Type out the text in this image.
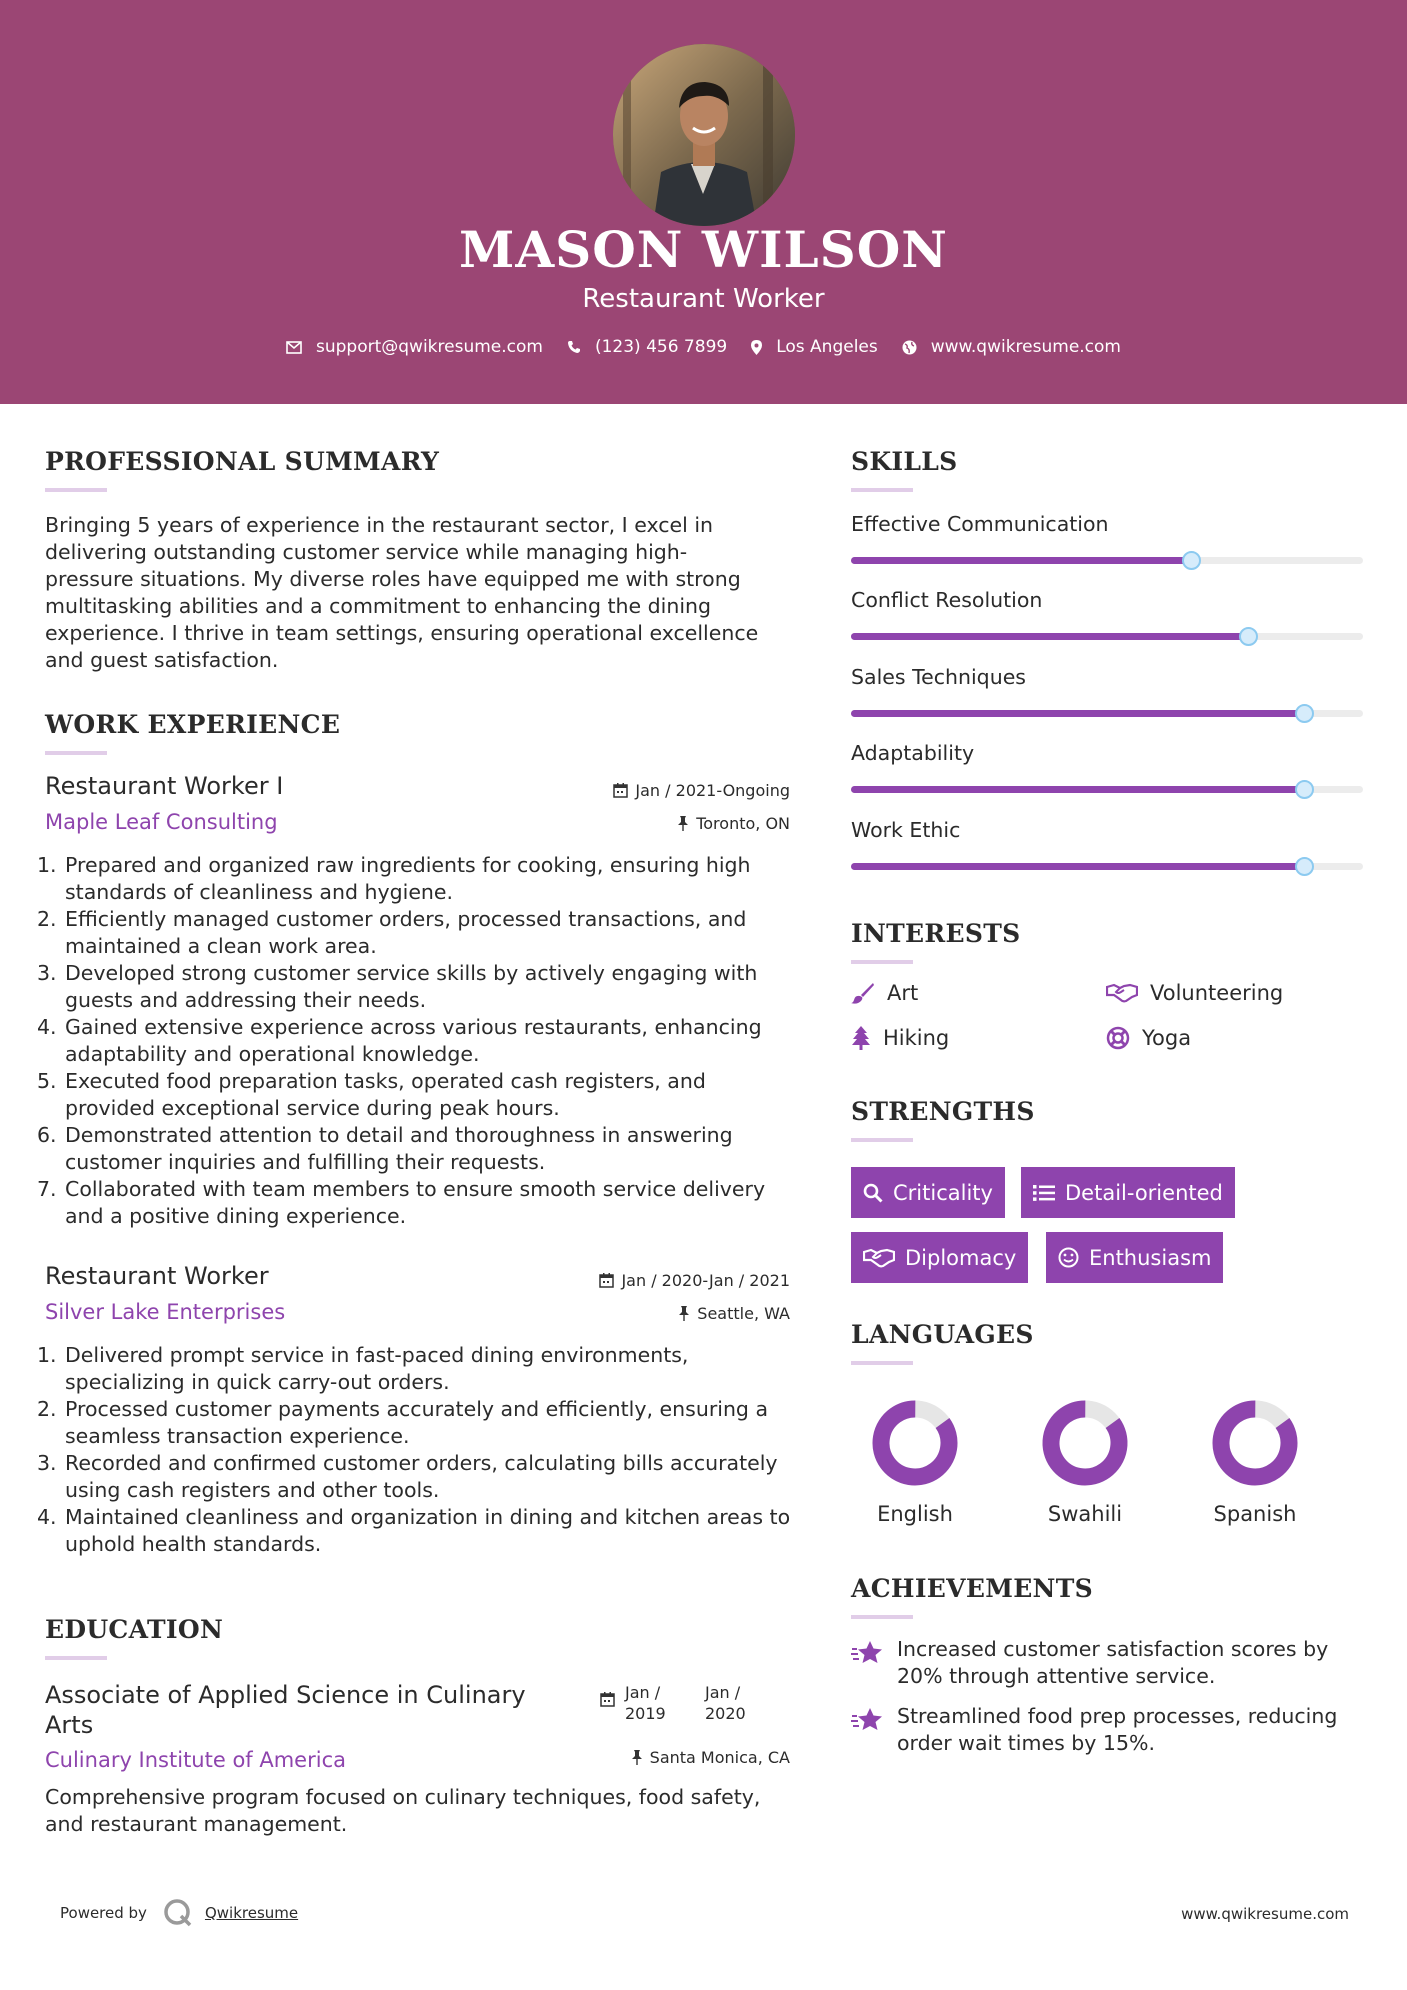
MASON WILSON
Restaurant Worker
support@qwikresume.com	(123) 456 7899	Los Angeles	www.qwikresume.com
PROFESSIONAL SUMMARY
Bringing 5 years of experience in the restaurant sector, I excel in delivering outstanding customer service while managing high-pressure situations. My diverse roles have equipped me with strong multitasking abilities and a commitment to enhancing the dining experience. I thrive in team settings, ensuring operational excellence and guest satisfaction.
WORK EXPERIENCE
Restaurant Worker I
Maple Leaf Consulting
Jan / 2021-Ongoing
Toronto, ON
1. Prepared and organized raw ingredients for cooking, ensuring high standards of cleanliness and hygiene.
2. Efficiently managed customer orders, processed transactions, and maintained a clean work area.
3. Developed strong customer service skills by actively engaging with guests and addressing their needs.
4. Gained extensive experience across various restaurants, enhancing adaptability and operational knowledge.
5. Executed food preparation tasks, operated cash registers, and provided exceptional service during peak hours.
6. Demonstrated attention to detail and thoroughness in answering customer inquiries and fulfilling their requests.
7. Collaborated with team members to ensure smooth service delivery and a positive dining experience.
Restaurant Worker
Silver Lake Enterprises
Jan / 2020-Jan / 2021
Seattle, WA
1. Delivered prompt service in fast-paced dining environments, specializing in quick carry-out orders.
2. Processed customer payments accurately and efficiently, ensuring a seamless transaction experience.
3. Recorded and confirmed customer orders, calculating bills accurately using cash registers and other tools.
4. Maintained cleanliness and organization in dining and kitchen areas to uphold health standards.
EDUCATION
Associate of Applied Science in Culinary
Arts
Culinary Institute of America
Jan /
2019
Jan /
2020
Santa Monica, CA
Comprehensive program focused on culinary techniques, food safety, and restaurant management.
SKILLS
Effective Communication
Conflict Resolution
Sales Techniques
Adaptability
Work Ethic
INTERESTS
Art	Volunteering
Hiking	Yoga
STRENGTHS
Criticality	Detail-oriented
Diplomacy	Enthusiasm
LANGUAGES
English	Swahili	Spanish
ACHIEVEMENTS
Increased customer satisfaction scores by 20% through attentive service.
Streamlined food prep processes, reducing order wait times by 15%.
Powered by	Qwikresume	www.qwikresume.com
